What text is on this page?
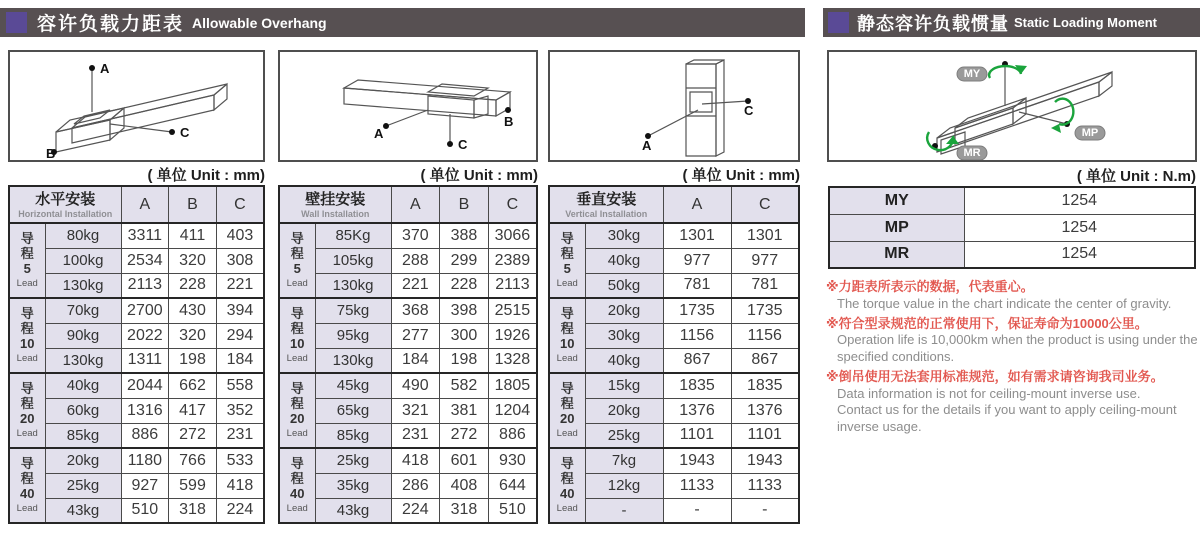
容许负载力距表 Allowable Overhang	静态容许负载惯量 Static Loading Moment
A
B
C	A
B
C	A
C
MY
MP
MR
( 单位 Unit : mm)	( 单位 Unit : mm)	( 单位 Unit : mm)	( 单位 Unit : N.m)
水平安装
Horizontal Installation		A	B	C

导程
5
Lead	80kg	3311	411	403
	100kg	2534	320	308
	130kg	2113	228	221

导程
10
Lead	70kg	2700	430	394
	90kg	2022	320	294
	130kg	1311	198	184

导程
20
Lead	40kg	2044	662	558
	60kg	1316	417	352
	85kg	886	272	231

导程
40
Lead	20kg	1180	766	533
	25kg	927	599	418
	43kg	510	318	224
壁挂安装
Wall Installation		A	B	C

导程
5
Lead	85Kg	370	388	3066
	105kg	288	299	2389
	130kg	221	228	2113

导程
10
Lead	75kg	368	398	2515
	95kg	277	300	1926
	130kg	184	198	1328

导程
20
Lead	45kg	490	582	1805
	65kg	321	381	1204
	85kg	231	272	886

导程
40
Lead	25kg	418	601	930
	35kg	286	408	644
	43kg	224	318	510
垂直安装
Vertical Installation		A	C

导程
5
Lead	30kg	1301	1301
	40kg	977	977
	50kg	781	781

导程
10
Lead	20kg	1735	1735
	30kg	1156	1156
	40kg	867	867

导程
20
Lead	15kg	1835	1835
	20kg	1376	1376
	25kg	1101	1101

导程
40
Lead	7kg	1943	1943
	12kg	1133	1133
	-	-	-
MY	1254
MP	1254
MR	1254
※力距表所表示的数据，代表重心。
The torque value in the chart indicate the center of gravity.
※符合型录规范的正常使用下，保证寿命为10000公里。
Operation life is 10,000km when the product is using under the specified conditions.
※倒吊使用无法套用标准规范，如有需求请咨询我司业务。
Data information is not for ceiling-mount inverse use.
Contact us for the details if you want to apply ceiling-mount inverse usage.
